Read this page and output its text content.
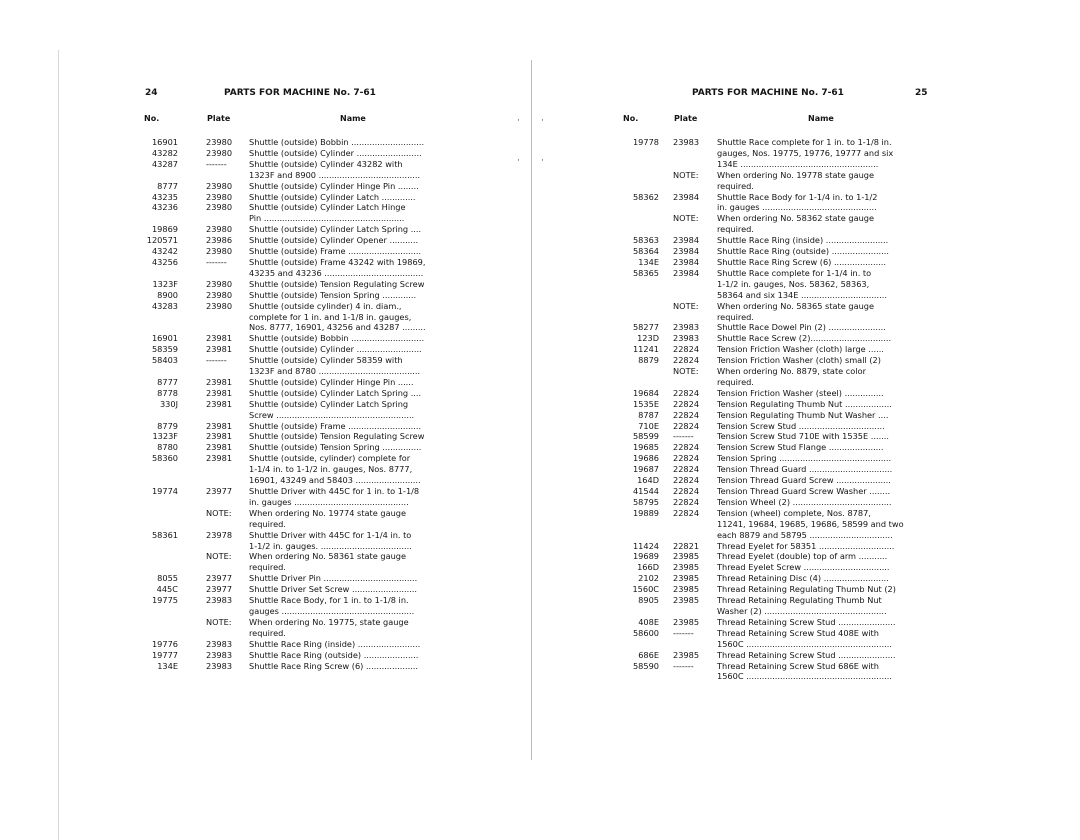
24	PARTS FOR MACHINE No. 7-61
No.	Plate	Name
16901	23980	Shuttle (outside) Bobbin ............................
43282	23980	Shuttle (outside) Cylinder .........................
43287	-------	Shuttle (outside) Cylinder 43282 with
1323F and 8900 .......................................
8777	23980	Shuttle (outside) Cylinder Hinge Pin ........
43235	23980	Shuttle (outside) Cylinder Latch .............
43236	23980	Shuttle (outside) Cylinder Latch Hinge
Pin ......................................................
19869	23980	Shuttle (outside) Cylinder Latch Spring ....
120571	23986	Shuttle (outside) Cylinder Opener ...........
43242	23980	Shuttle (outside) Frame ............................
43256	-------	Shuttle (outside) Frame 43242 with 19869,
43235 and 43236 ......................................
1323F	23980	Shuttle (outside) Tension Regulating Screw
8900	23980	Shuttle (outside) Tension Spring .............
43283	23980	Shuttle (outside cylinder) 4 in. diam.,
complete for 1 in. and 1-1/8 in. gauges,
Nos. 8777, 16901, 43256 and 43287 .........
16901	23981	Shuttle (outside) Bobbin ............................
58359	23981	Shuttle (outside) Cylinder .........................
58403	-------	Shuttle (outside) Cylinder 58359 with
1323F and 8780 .......................................
8777	23981	Shuttle (outside) Cylinder Hinge Pin ......
8778	23981	Shuttle (outside) Cylinder Latch Spring ....
330J	23981	Shuttle (outside) Cylinder Latch Spring
Screw .....................................................
8779	23981	Shuttle (outside) Frame ............................
1323F	23981	Shuttle (outside) Tension Regulating Screw
8780	23981	Shuttle (outside) Tension Spring ...............
58360	23981	Shuttle (outside, cylinder) complete for
1-1/4 in. to 1-1/2 in. gauges, Nos. 8777,
16901, 43249 and 58403 .........................
19774	23977	Shuttle Driver with 445C for 1 in. to 1-1/8
in. gauges ............................................
NOTE:	When ordering No. 19774 state gauge
required.
58361	23978	Shuttle Driver with 445C for 1-1/4 in. to
1-1/2 in. gauges. ...................................
NOTE:	When ordering No. 58361 state gauge
required.
8055	23977	Shuttle Driver Pin ....................................
445C	23977	Shuttle Driver Set Screw .........................
19775	23983	Shuttle Race Body, for 1 in. to 1-1/8 in.
gauges ...................................................
NOTE:	When ordering No. 19775, state gauge
required.
19776	23983	Shuttle Race Ring (inside) ........................
19777	23983	Shuttle Race Ring (outside) .....................
134E	23983	Shuttle Race Ring Screw (6) ....................
PARTS FOR MACHINE No. 7-61	25
No.	Plate	Name
19778 23983	Shuttle Race complete for 1 in. to 1-1/8 in.
gauges, Nos. 19775, 19776, 19777 and six
134E .....................................................
NOTE:	When ordering No. 19778 state gauge
required.
58362 23984	Shuttle Race Body for 1-1/4 in. to 1-1/2
in. gauges ............................................
NOTE:	When ordering No. 58362 state gauge
required.
58363 23984	Shuttle Race Ring (inside) ........................
58364 23984	Shuttle Race Ring (outside) ......................
134E 23984	Shuttle Race Ring Screw (6) ....................
58365 23984	Shuttle Race complete for 1-1/4 in. to
1-1/2 in. gauges, Nos. 58362, 58363,
58364 and six 134E .................................
NOTE:	When ordering No. 58365 state gauge
required.
58277 23983	Shuttle Race Dowel Pin (2) ......................
123D 23983	Shuttle Race Screw (2)...............................
11241 22824	Tension Friction Washer (cloth) large ......
8879 22824	Tension Friction Washer (cloth) small (2)
NOTE:	When ordering No. 8879, state color
required.
19684 22824	Tension Friction Washer (steel) ...............
1535E 22824	Tension Regulating Thumb Nut ..................
8787 22824	Tension Regulating Thumb Nut Washer ....
710E 22824	Tension Screw Stud .................................
58599 -------	Tension Screw Stud 710E with 1535E .......
19685 22824	Tension Screw Stud Flange .....................
19686 22824	Tension Spring ...........................................
19687 22824	Tension Thread Guard ................................
164D 22824	Tension Thread Guard Screw .....................
41544 22824	Tension Thread Guard Screw Washer ........
58795 22824	Tension Wheel (2) ......................................
19889 22824	Tension (wheel) complete, Nos. 8787,
11241, 19684, 19685, 19686, 58599 and two
each 8879 and 58795 ................................
11424 22821	Thread Eyelet for 58351 .............................
19689 23985	Thread Eyelet (double) top of arm ...........
166D 23985	Thread Eyelet Screw .................................
2102 23985	Thread Retaining Disc (4) .........................
1560C 23985	Thread Retaining Regulating Thumb Nut (2)
8905 23985	Thread Retaining Regulating Thumb Nut
Washer (2) ...............................................
408E 23985	Thread Retaining Screw Stud ......................
58600 -------	Thread Retaining Screw Stud 408E with
1560C ........................................................
686E 23985	Thread Retaining Screw Stud ......................
58590 -------	Thread Retaining Screw Stud 686E with
1560C ........................................................
·
· ·
·
